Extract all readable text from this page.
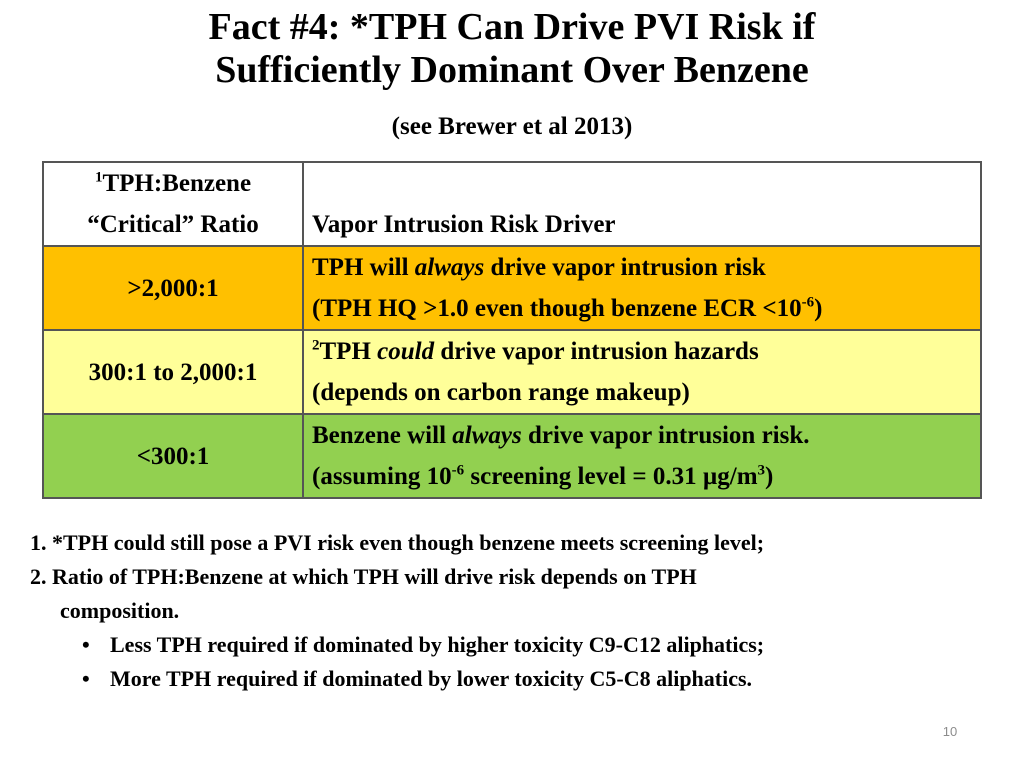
Fact #4: *TPH Can Drive PVI Risk if
Sufficiently Dominant Over Benzene
(see Brewer et al 2013)
$^1$TPH:Benzene
“Critical” Ratio	Vapor Intrusion Risk Driver
>2,000:1	TPH will always drive vapor intrusion risk
(TPH HQ >1.0 even though benzene ECR $<10^{-6}$)

300:1 to 2,000:1	$^2$TPH could drive vapor intrusion hazards
(depends on carbon range makeup)

<300:1	Benzene will always drive vapor intrusion risk.
(assuming $10^{-6}$ screening level = 0.31 $\mu g/m^3$)
1. *TPH could still pose a PVI risk even though benzene meets screening level;
2. Ratio of TPH:Benzene at which TPH will drive risk depends on TPH
composition.
• Less TPH required if dominated by higher toxicity C9-C12 aliphatics;
• More TPH required if dominated by lower toxicity C5-C8 aliphatics.
10
